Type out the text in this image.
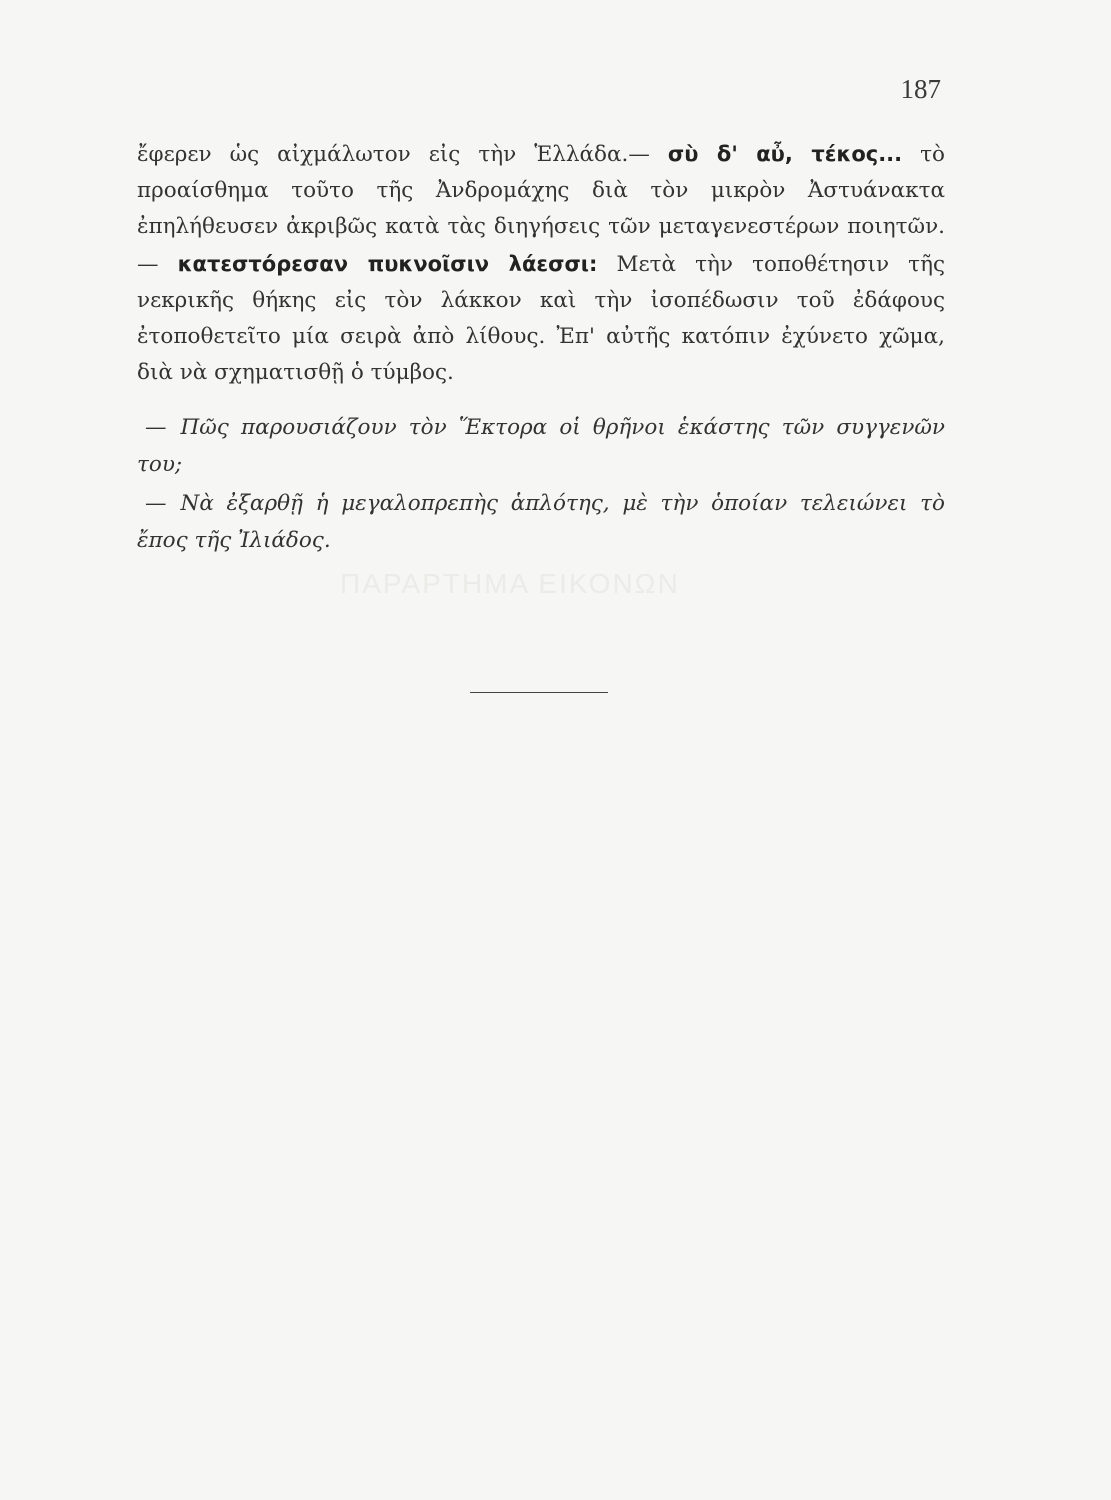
187
ἔφερεν ὡς αἰχμάλωτον εἰς τὴν Ἑλλάδα.— σὺ δ' αὖ, τέκος... τὸ προαίσθημα τοῦτο τῆς Ἀνδρομάχης διὰ τὸν μικρὸν Ἀστυάνακτα ἐπηλήθευσεν ἀκριβῶς κατὰ τὰς διηγήσεις τῶν μεταγενεστέρων ποιητῶν.— κατεστόρεσαν πυκνοῖσιν λάεσσι: Μετὰ τὴν τοποθέτησιν τῆς νεκρικῆς θήκης εἰς τὸν λάκκον καὶ τὴν ἰσοπέδωσιν τοῦ ἐδάφους ἐτοποθετεῖτο μία σειρὰ ἀπὸ λίθους. Ἐπ' αὐτῆς κατόπιν ἐχύνετο χῶμα, διὰ νὰ σχηματισθῇ ὁ τύμβος.

— Πῶς παρουσιάζουν τὸν Ἕκτορα οἱ θρῆνοι ἑκάστης τῶν συγγενῶν του;

— Νὰ ἐξαρθῇ ἡ μεγαλοπρεπὴς ἁπλότης, μὲ τὴν ὁποίαν τελειώνει τὸ ἔπος τῆς Ἰλιάδος.

ΠΑΡΑΡΤΗΜΑ ΕΙΚΟΝΩΝ
